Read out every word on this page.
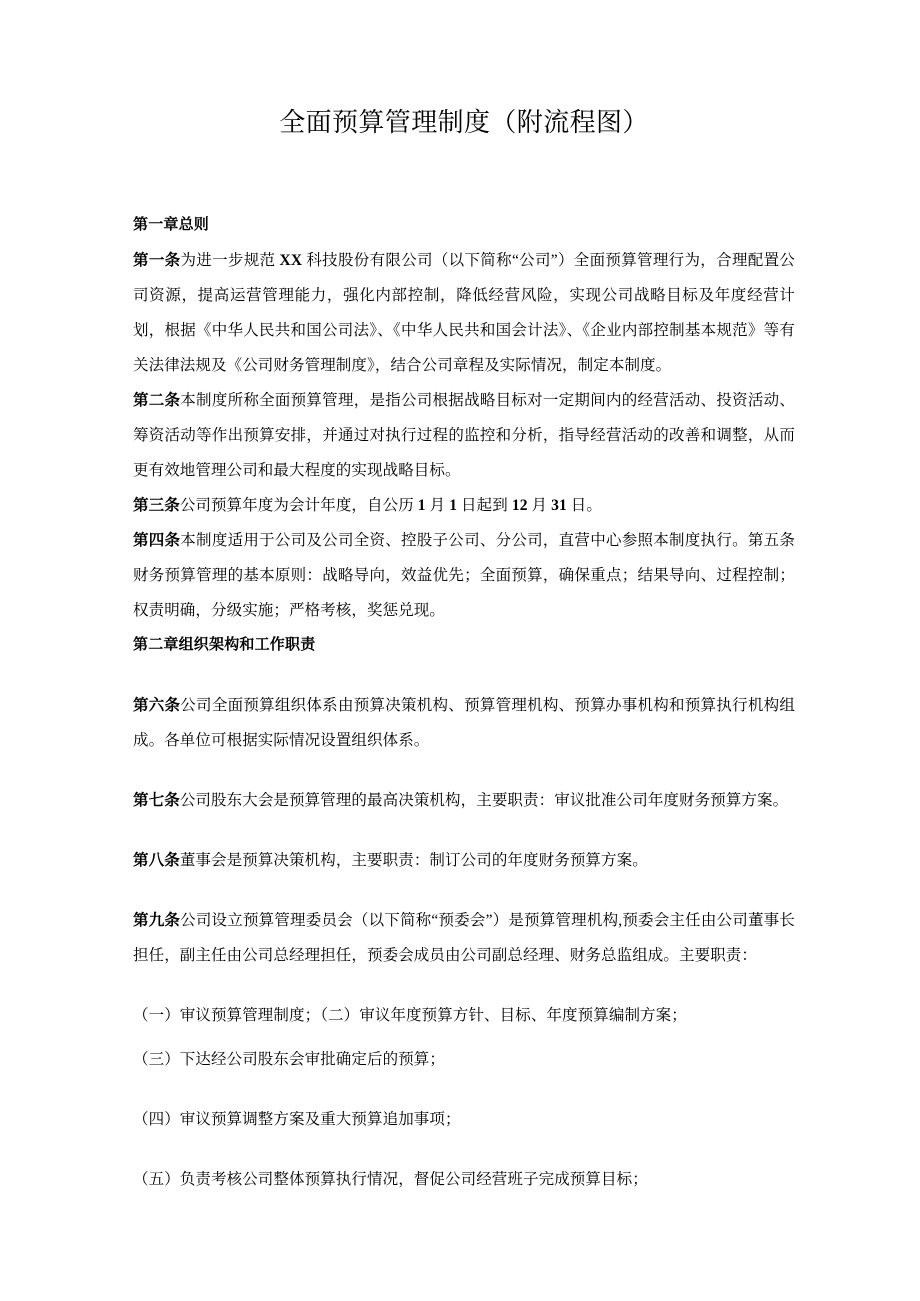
全面预算管理制度（附流程图）
第一章总则

第一条为进一步规范 XX 科技股份有限公司（以下简称“公司”）全面预算管理行为，合理配置公司资源，提高运营管理能力，强化内部控制，降低经营风险，实现公司战略目标及年度经营计划，根据《中华人民共和国公司法》、《中华人民共和国会计法》、《企业内部控制基本规范》等有关法律法规及《公司财务管理制度》，结合公司章程及实际情况，制定本制度。

第二条本制度所称全面预算管理，是指公司根据战略目标对一定期间内的经营活动、投资活动、筹资活动等作出预算安排，并通过对执行过程的监控和分析，指导经营活动的改善和调整，从而更有效地管理公司和最大程度的实现战略目标。

第三条公司预算年度为会计年度，自公历 1 月 1 日起到 12 月 31 日。

第四条本制度适用于公司及公司全资、控股子公司、分公司，直营中心参照本制度执行。第五条财务预算管理的基本原则：战略导向，效益优先；全面预算，确保重点；结果导向、过程控制；权责明确，分级实施；严格考核，奖惩兑现。

第二章组织架构和工作职责

第六条公司全面预算组织体系由预算决策机构、预算管理机构、预算办事机构和预算执行机构组成。各单位可根据实际情况设置组织体系。

第七条公司股东大会是预算管理的最高决策机构，主要职责：审议批准公司年度财务预算方案。

第八条董事会是预算决策机构，主要职责：制订公司的年度财务预算方案。

第九条公司设立预算管理委员会（以下简称“预委会”）是预算管理机构,预委会主任由公司董事长担任，副主任由公司总经理担任，预委会成员由公司副总经理、财务总监组成。主要职责：

（一）审议预算管理制度；（二）审议年度预算方针、目标、年度预算编制方案；

（三）下达经公司股东会审批确定后的预算；

（四）审议预算调整方案及重大预算追加事项；

（五）负责考核公司整体预算执行情况，督促公司经营班子完成预算目标；
